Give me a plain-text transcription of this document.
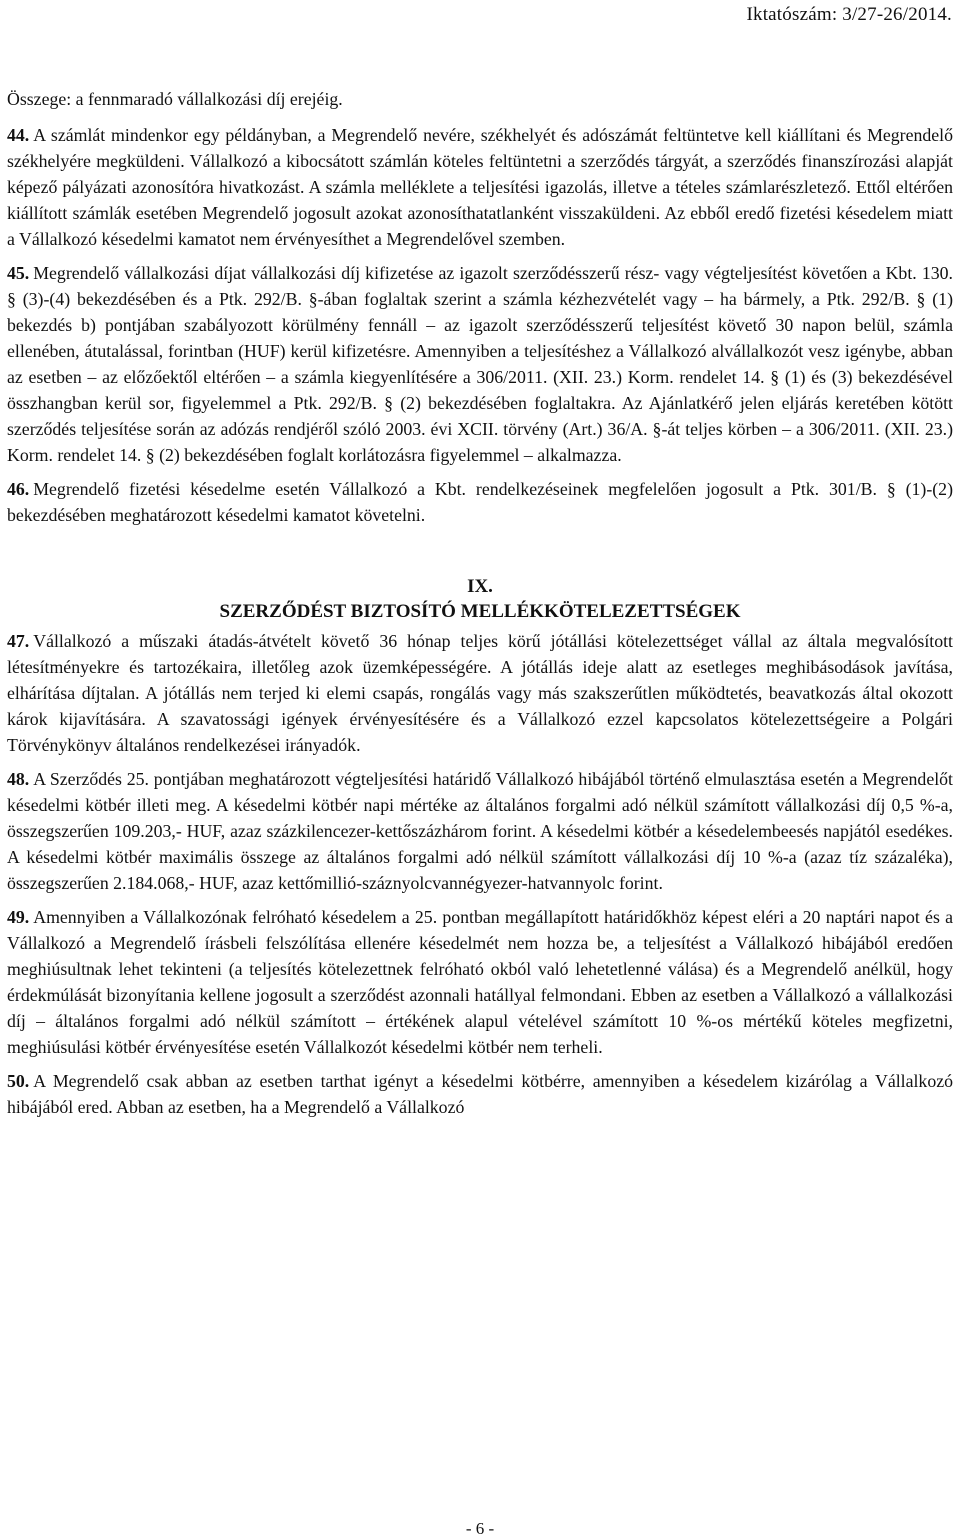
Iktatószám: 3/27-26/2014.

Összege: a fennmaradó vállalkozási díj erejéig.

44. A számlát mindenkor egy példányban, a Megrendelő nevére, székhelyét és adószámát feltüntetve kell kiállítani és Megrendelő székhelyére megküldeni. Vállalkozó a kibocsátott számlán köteles feltüntetni a szerződés tárgyát, a szerződés finanszírozási alapját képező pályázati azonosítóra hivatkozást. A számla melléklete a teljesítési igazolás, illetve a tételes számlarészletező. Ettől eltérően kiállított számlák esetében Megrendelő jogosult azokat azonosíthatatlanként visszaküldeni. Az ebből eredő fizetési késedelem miatt a Vállalkozó késedelmi kamatot nem érvényesíthet a Megrendelővel szemben.

45. Megrendelő vállalkozási díjat vállalkozási díj kifizetése az igazolt szerződésszerű rész- vagy végteljesítést követően a Kbt. 130. § (3)-(4) bekezdésében és a Ptk. 292/B. §-ában foglaltak szerint a számla kézhezvételét vagy – ha bármely, a Ptk. 292/B. § (1) bekezdés b) pontjában szabályozott körülmény fennáll – az igazolt szerződésszerű teljesítést követő 30 napon belül, számla ellenében, átutalással, forintban (HUF) kerül kifizetésre. Amennyiben a teljesítéshez a Vállalkozó alvállalkozót vesz igénybe, abban az esetben – az előzőektől eltérően – a számla kiegyenlítésére a 306/2011. (XII. 23.) Korm. rendelet 14. § (1) és (3) bekezdésével összhangban kerül sor, figyelemmel a Ptk. 292/B. § (2) bekezdésében foglaltakra. Az Ajánlatkérő jelen eljárás keretében kötött szerződés teljesítése során az adózás rendjéről szóló 2003. évi XCII. törvény (Art.) 36/A. §-át teljes körben – a 306/2011. (XII. 23.) Korm. rendelet 14. § (2) bekezdésében foglalt korlátozásra figyelemmel – alkalmazza.

46. Megrendelő fizetési késedelme esetén Vállalkozó a Kbt. rendelkezéseinek megfelelően jogosult a Ptk. 301/B. § (1)-(2) bekezdésében meghatározott késedelmi kamatot követelni.

IX.

SZERZŐDÉST BIZTOSÍTÓ MELLÉKKÖTELEZETTSÉGEK

47. Vállalkozó a műszaki átadás-átvételt követő 36 hónap teljes körű jótállási kötelezettséget vállal az általa megvalósított létesítményekre és tartozékaira, illetőleg azok üzemképességére. A jótállás ideje alatt az esetleges meghibásodások javítása, elhárítása díjtalan. A jótállás nem terjed ki elemi csapás, rongálás vagy más szakszerűtlen működtetés, beavatkozás által okozott károk kijavítására. A szavatossági igények érvényesítésére és a Vállalkozó ezzel kapcsolatos kötelezettségeire a Polgári Törvénykönyv általános rendelkezései irányadók.

48. A Szerződés 25. pontjában meghatározott végteljesítési határidő Vállalkozó hibájából történő elmulasztása esetén a Megrendelőt késedelmi kötbér illeti meg. A késedelmi kötbér napi mértéke az általános forgalmi adó nélkül számított vállalkozási díj 0,5 %-a, összegszerűen 109.203,- HUF, azaz százkilencezer-kettőszázhárom forint. A késedelmi kötbér a késedelembeesés napjától esedékes. A késedelmi kötbér maximális összege az általános forgalmi adó nélkül számított vállalkozási díj 10 %-a (azaz tíz százaléka), összegszerűen 2.184.068,- HUF, azaz kettőmillió-száznyolcvannégyezer-hatvannyolc forint.

49. Amennyiben a Vállalkozónak felróható késedelem a 25. pontban megállapított határidőkhöz képest eléri a 20 naptári napot és a Vállalkozó a Megrendelő írásbeli felszólítása ellenére késedelmét nem hozza be, a teljesítést a Vállalkozó hibájából eredően meghiúsultnak lehet tekinteni (a teljesítés kötelezettnek felróható okból való lehetetlenné válása) és a Megrendelő anélkül, hogy érdekmúlását bizonyítania kellene jogosult a szerződést azonnali hatállyal felmondani. Ebben az esetben a Vállalkozó a vállalkozási díj – általános forgalmi adó nélkül számított – értékének alapul vételével számított 10 %-os mértékű köteles megfizetni, meghiúsulási kötbér érvényesítése esetén Vállalkozót késedelmi kötbér nem terheli.

50. A Megrendelő csak abban az esetben tarthat igényt a késedelmi kötbérre, amennyiben a késedelem kizárólag a Vállalkozó hibájából ered. Abban az esetben, ha a Megrendelő a Vállalkozó

- 6 -
